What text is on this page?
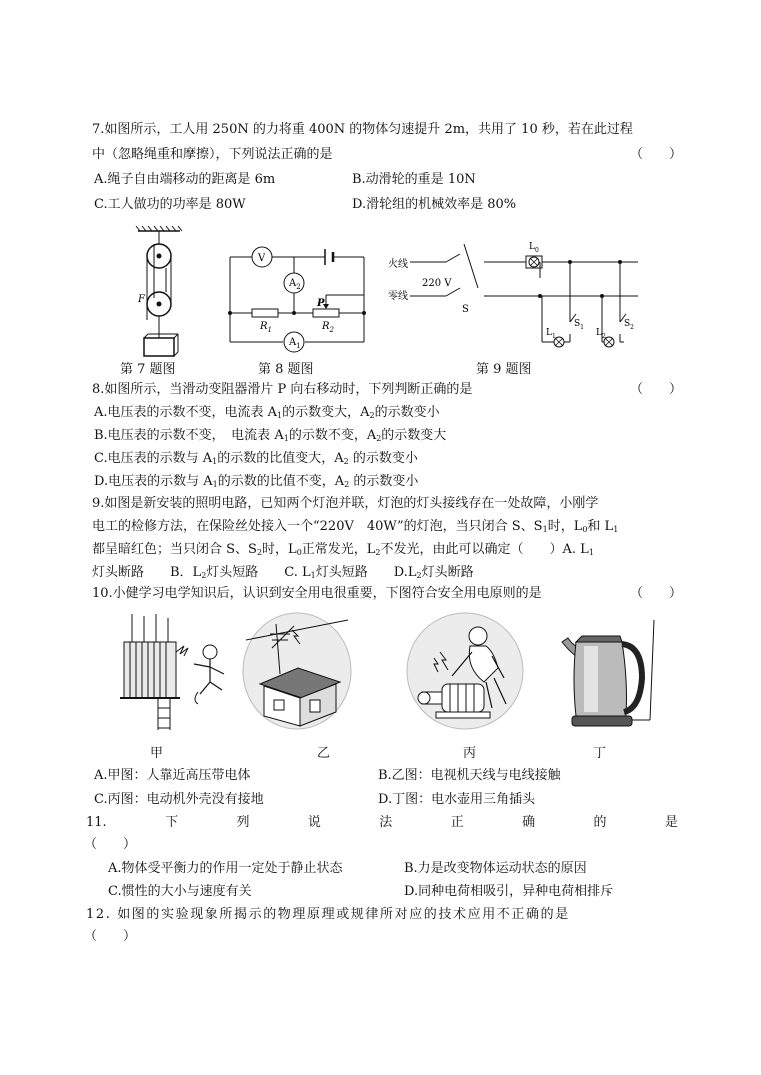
7.如图所示，工人用 250N 的力将重 400N 的物体匀速提升 2m，共用了 10 秒，若在此过程
中（忽略绳重和摩擦），下列说法正确的是	（　　）
A.绳子自由端移动的距离是 6m	B.动滑轮的重是 10N
C.工人做功的功率是 80W	D.滑轮组的机械效率是 80%
F
V
$A_2$
$A_1$
$R_1$	$R_2$
P
火线
零线
220 V
S
$L_0$
$L_1$	$L_2$
$S_1$	$S_2$
第 7 题图	第 8 题图	第 9 题图
8.如图所示，当滑动变阻器滑片 P 向右移动时，下列判断正确的是	（　　）
A.电压表的示数不变，电流表 $A_1$的示数变大，$A_2$的示数变小
B.电压表的示数不变，　电流表 $A_1$的示数不变，$A_2$的示数变大
C.电压表的示数与 $A_1$的示数的比值变大，$A_2$ 的示数变小
D.电压表的示数与 $A_1$的示数的比值不变，$A_2$ 的示数变小
9.如图是新安装的照明电路，已知两个灯泡并联，灯泡的灯头接线存在一处故障，小刚学
电工的检修方法，在保险丝处接入一个“220V　40W”的灯泡，当只闭合 S、$S_1$时，$L_0$和 $L_1$
都呈暗红色；当只闭合 S、$S_2$时，$L_0$正常发光，$L_2$不发光，由此可以确定（　　）A. $L_1$
灯头断路　　B．$L_2$灯头短路　　C. $L_1$灯头短路　　$D.L_2$灯头断路
10.小健学习电学知识后，认识到安全用电很重要，下图符合安全用电原则的是	（　　）
甲	乙	丙	丁
A.甲图：人靠近高压带电体	B.乙图：电视机天线与电线接触
C.丙图：电动机外壳没有接地	D.丁图：电水壶用三角插头
11.	下	列	说	法	正	确	的	是
（　　）
A.物体受平衡力的作用一定处于静止状态	B.力是改变物体运动状态的原因
C.惯性的大小与速度有关	D.同种电荷相吸引，异种电荷相排斥
12. 如图的实验现象所揭示的物理原理或规律所对应的技术应用不正确的是
（　　）
